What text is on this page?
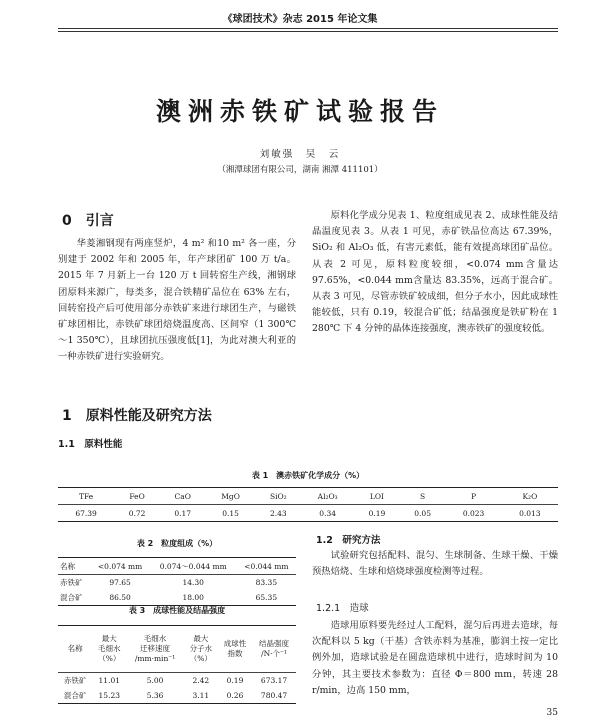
《球团技术》杂志 2015 年论文集
澳洲赤铁矿试验报告
刘敏强　吴　云
（湘潭球团有限公司，湖南 湘潭 411101）
0　引言
华菱湘钢现有两座竖炉，4 m² 和10 m² 各一座，分别建于 2002 年和 2005 年，年产球团矿 100 万 t/a。2015 年 7 月新上一台 120 万 t 回转窑生产线，湘钢球团原料来源广，每类多，混合铁精矿品位在 63% 左右，回转窑投产后可使用部分赤铁矿来进行球团生产，与磁铁矿球团相比，赤铁矿球团焙烧温度高、区间窄（1 300℃～1 350℃），且球团抗压强度低[1]，为此对澳大利亚的一种赤铁矿进行实验研究。
原料化学成分见表 1、粒度组成见表 2、成球性能及结晶温度见表 3。从表 1 可见，赤矿铁品位高达 67.39%，SiO₂ 和 Al₂O₃ 低，有害元素低，能有效提高球团矿品位。从表 2 可见，原料粒度较细，<0.074 mm含量达 97.65%，<0.044 mm含量达 83.35%，远高于混合矿。从表 3 可见，尽管赤铁矿较成细，但分子水小，因此成球性能较低，只有 0.19，较混合矿低；结晶强度是铁矿粉在 1 280℃ 下 4 分钟的晶体连接强度，澳赤铁矿的强度较低。
1　原料性能及研究方法
1.1　原料性能
表 1　澳赤铁矿化学成分（%）
TFe	FeO	CaO	MgO	SiO₂	Al₂O₃	LOI	S	P	K₂O
67.39	0.72	0.17	0.15	2.43	0.34	0.19	0.05	0.023	0.013
表 2　粒度组成（%）
名称	<0.074 mm	0.074～0.044 mm	<0.044 mm
赤铁矿	97.65	14.30	83.35
混合矿	86.50	18.00	65.35
表 3　成球性能及结晶强度
名称	最大
毛细水
（%）	毛细水
迁移速度
/mm·min⁻¹	最大
分子水
（%）	成球性
指数	结晶强度
/N·个⁻¹
赤铁矿	11.01	5.00	2.42	0.19	673.17
混合矿	15.23	5.36	3.11	0.26	780.47
1.2　研究方法
试验研究包括配料、混匀、生球制备、生球干燥、干燥预热焙烧、生球和焙烧球强度检测等过程。
1.2.1　造球
造球用原料要先经过人工配料，混匀后再进去造球，每次配料以 5 kg（干基）含铁赤料为基准，膨润土按一定比例外加，造球试验是在圆盘造球机中进行，造球时间为 10 分钟，其主要技术参数为：直径 Φ＝800 mm，转速 28 r/min，边高 150 mm，
35
